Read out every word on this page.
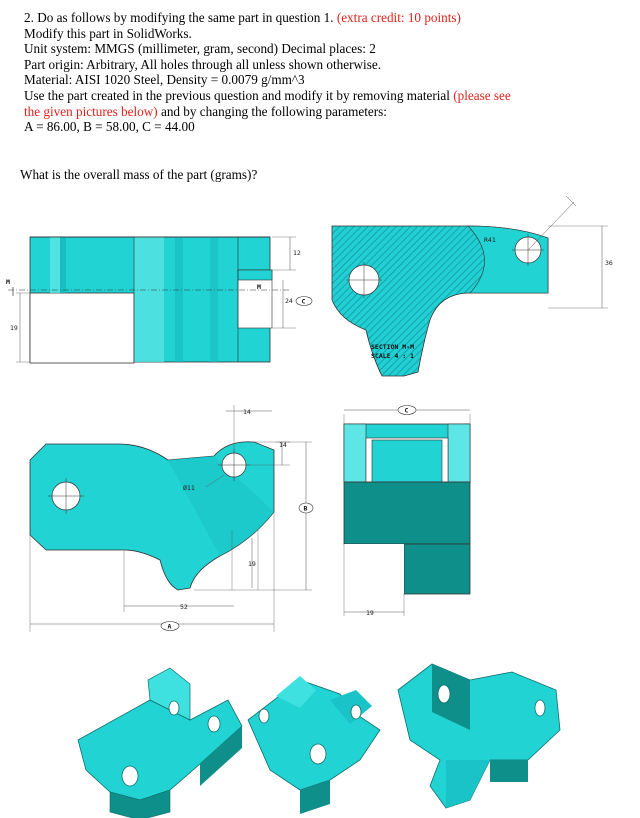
2. Do as follows by modifying the same part in question 1. (extra credit: 10 points)
Modify this part in SolidWorks.
Unit system: MMGS (millimeter, gram, second) Decimal places: 2
Part origin: Arbitrary, All holes through all unless shown otherwise.
Material: AISI 1020 Steel, Density = 0.0079 g/mm^3
Use the part created in the previous question and modify it by removing material (please see
the given pictures below) and by changing the following parameters:
A = 86.00, B = 58.00, C = 44.00
What is the overall mass of the part (grams)?
M
M
12
24 C
19
R41
36
SECTION M-M
SCALE 4 : 1
14
14
Ø11
19
52
A
B
C
19
